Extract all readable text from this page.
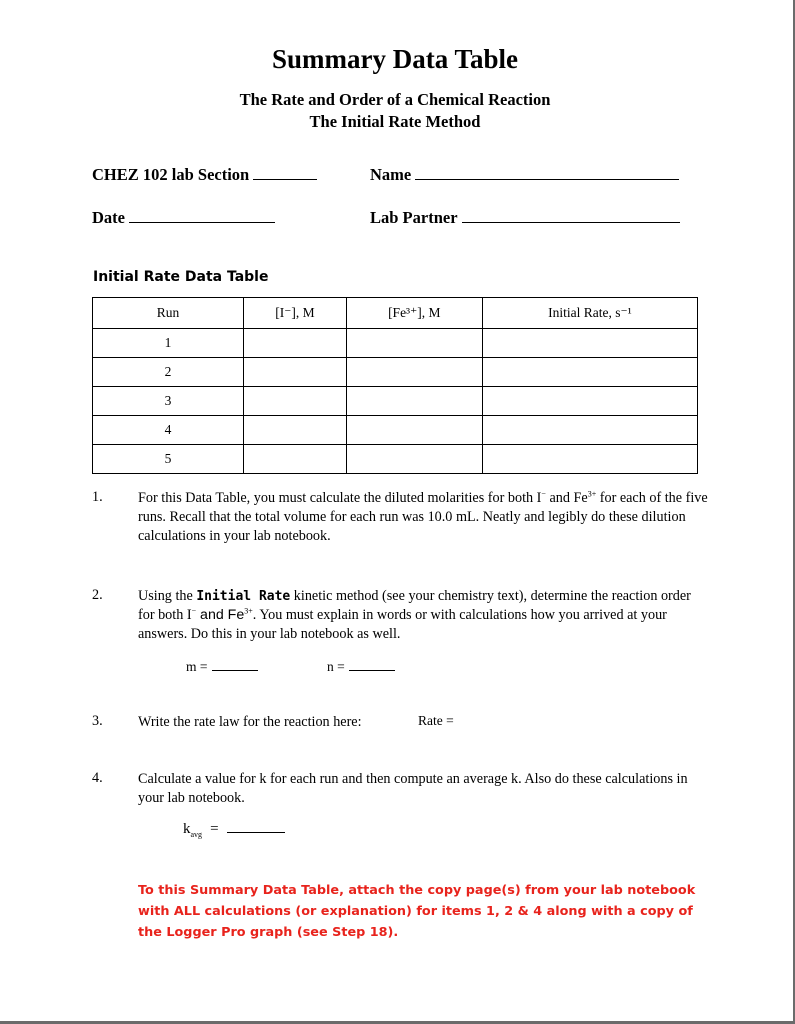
Summary Data Table
The Rate and Order of a Chemical Reaction
The Initial Rate Method
CHEZ 102 lab Section	Name
Date	Lab Partner
Initial Rate Data Table
Run	[I⁻], M	[Fe³⁺], M	Initial Rate, s⁻¹
1			
2			
3			
4			
5			
1. For this Data Table, you must calculate the diluted molarities for both I− and $Fe^{3+}$ for each of the five runs. Recall that the total volume for each run was 10.0 mL. Neatly and legibly do these dilution calculations in your lab notebook.
2. Using the Initial Rate kinetic method (see your chemistry text), determine the reaction order for both I− and $Fe^{3+}$. You must explain in words or with calculations how you arrived at your answers. Do this in your lab notebook as well.
m =	n =
3. Write the rate law for the reaction here:	Rate =
4. Calculate a value for k for each run and then compute an average k. Also do these calculations in your lab notebook.
$k_{avg}$ =
To this Summary Data Table, attach the copy page(s) from your lab notebook with ALL calculations (or explanation) for items 1, 2 & 4 along with a copy of the Logger Pro graph (see Step 18).
